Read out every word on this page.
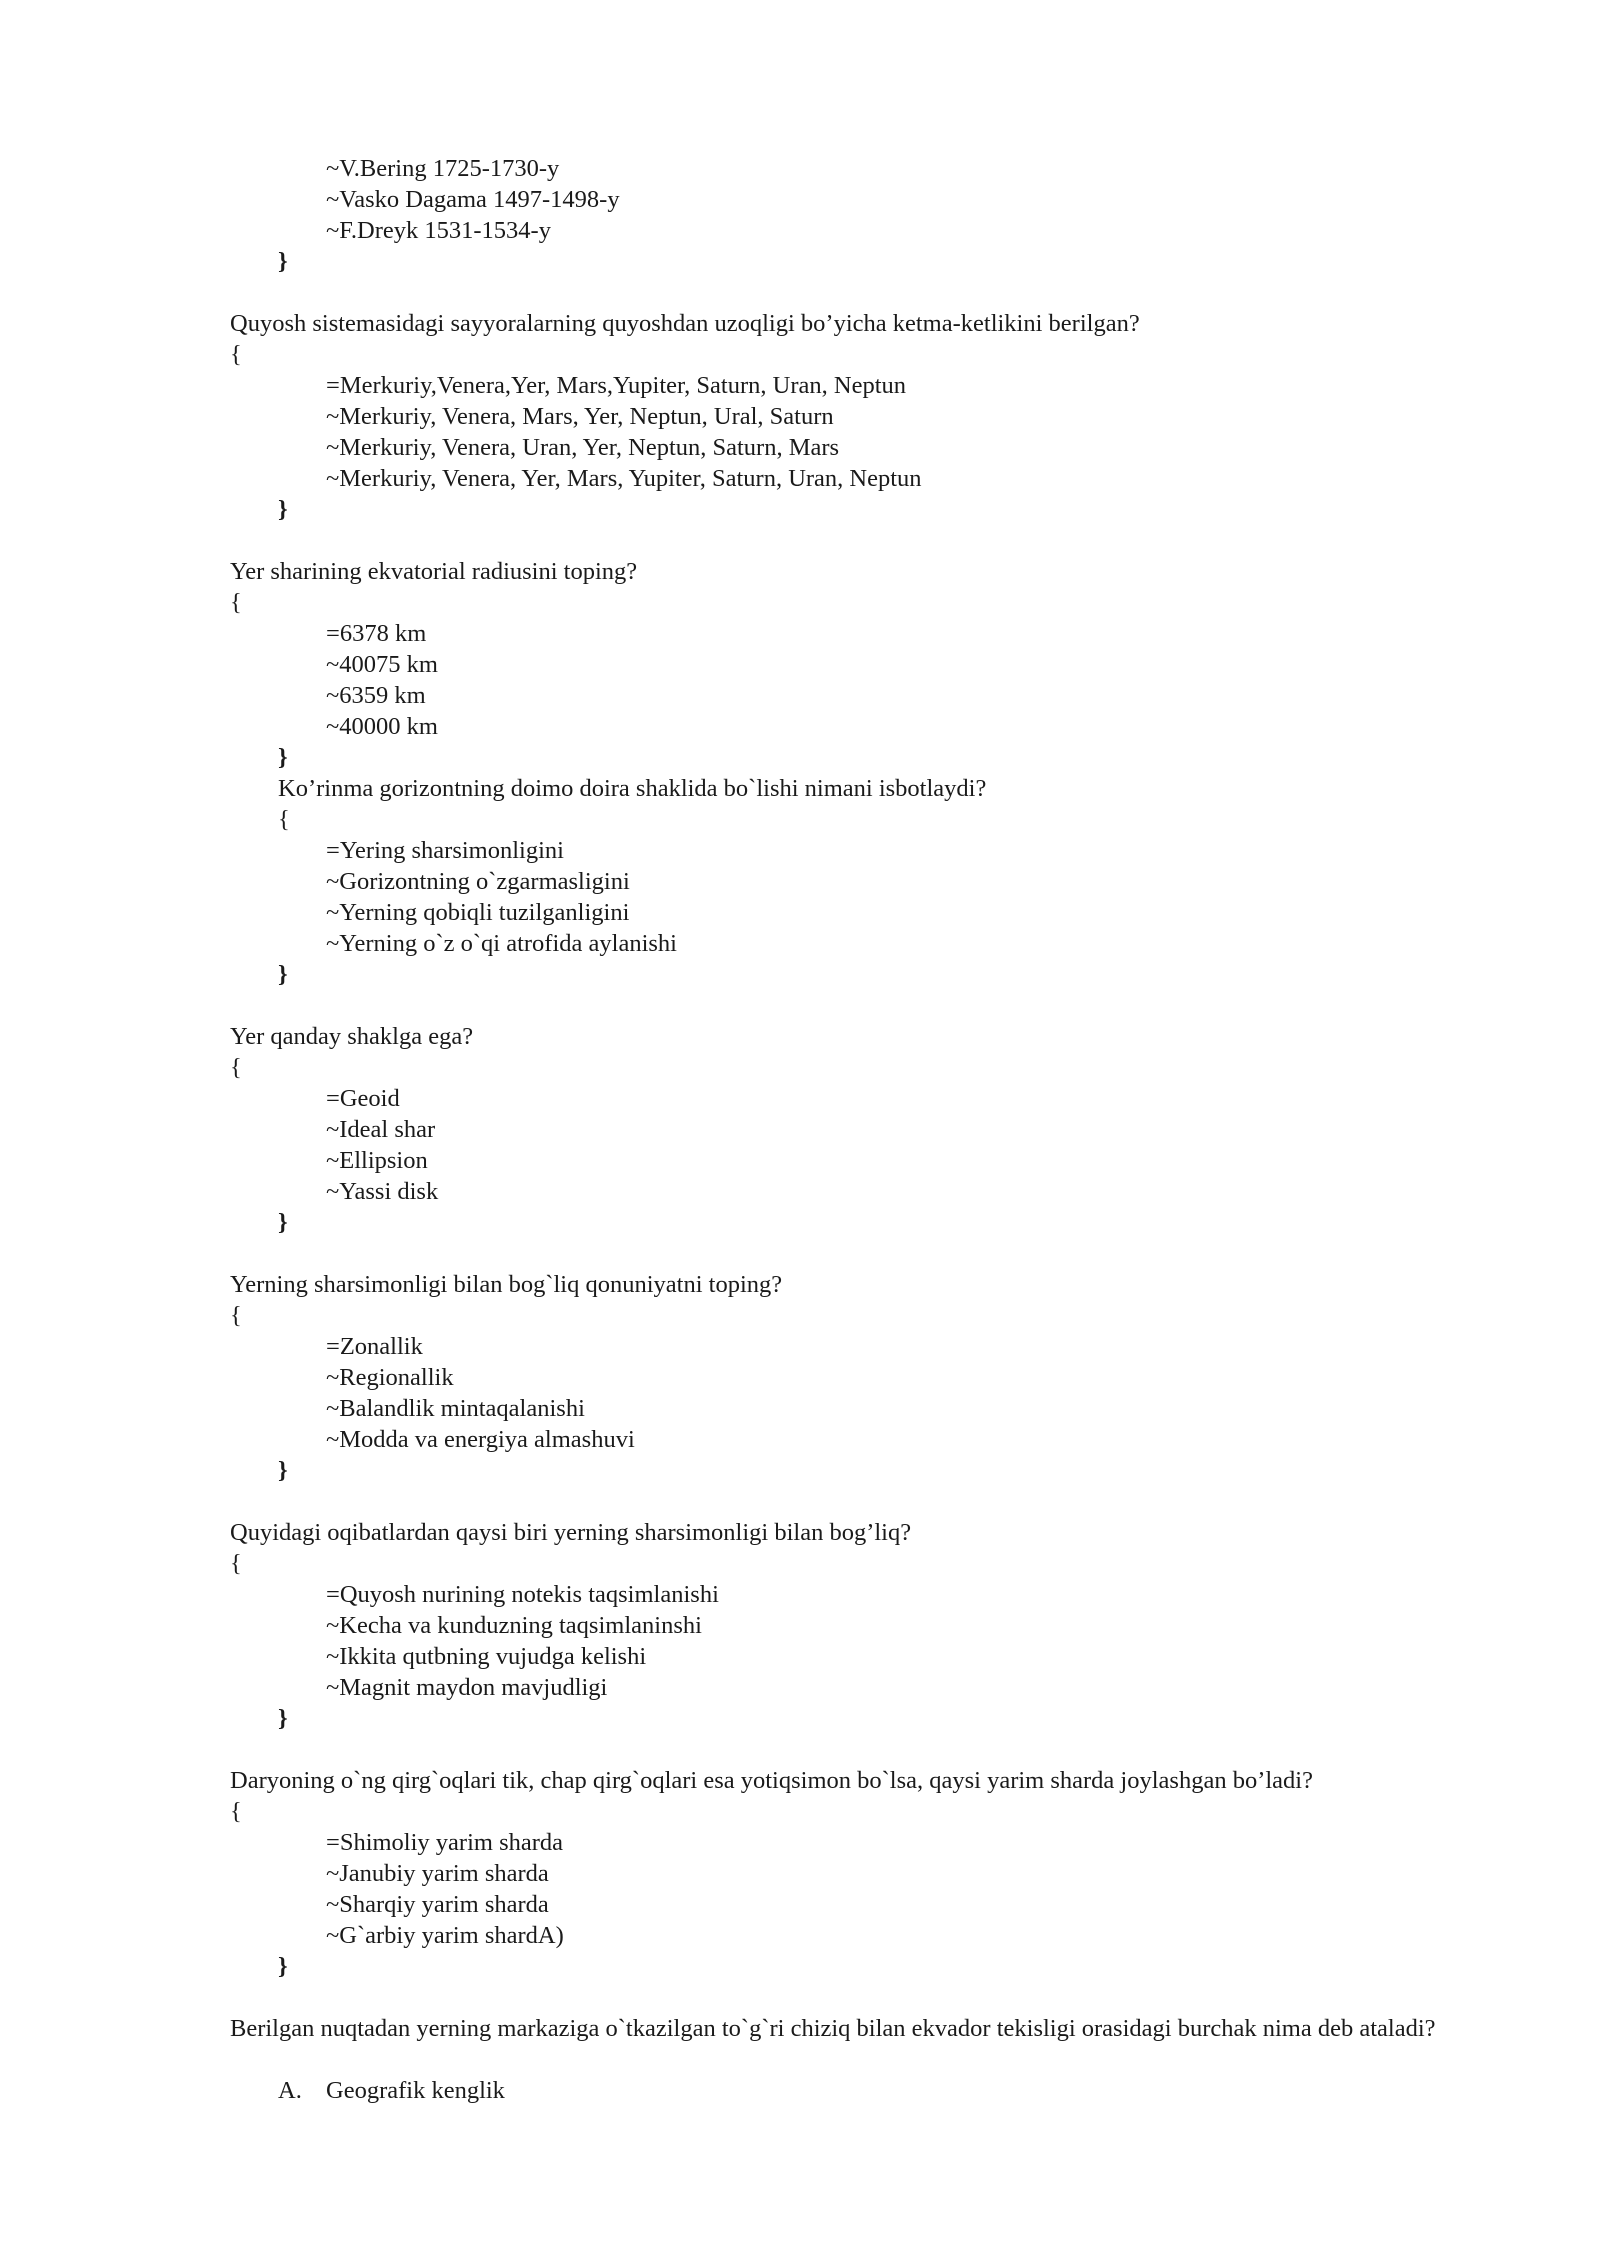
~V.Bering 1725-1730-y
~Vasko Dagama 1497-1498-y
~F.Dreyk 1531-1534-y
}
Quyosh sistemasidagi sayyoralarning quyoshdan uzoqligi bo’yicha ketma-ketlikini berilgan?
{
=Merkuriy,Venera,Yer, Mars,Yupiter, Saturn, Uran, Neptun
~Merkuriy, Venera, Mars, Yer, Neptun, Ural, Saturn
~Merkuriy, Venera, Uran, Yer, Neptun, Saturn, Mars
~Merkuriy, Venera, Yer, Mars, Yupiter, Saturn, Uran, Neptun
}
Yer sharining ekvatorial radiusini toping?
{
=6378 km
~40075 km
~6359 km
~40000 km
}
Ko’rinma gorizontning doimo doira shaklida bo`lishi nimani isbotlaydi?
{
=Yering sharsimonligini
~Gorizontning o`zgarmasligini
~Yerning qobiqli tuzilganligini
~Yerning o`z o`qi atrofida aylanishi
}
Yer qanday shaklga ega?
{
=Geoid
~Ideal shar
~Ellipsion
~Yassi disk
}
Yerning sharsimonligi bilan bog`liq qonuniyatni toping?
{
=Zonallik
~Regionallik
~Balandlik mintaqalanishi
~Modda va energiya almashuvi
}
Quyidagi oqibatlardan qaysi biri yerning sharsimonligi bilan bog’liq?
{
=Quyosh nurining notekis taqsimlanishi
~Kecha va kunduzning taqsimlaninshi
~Ikkita qutbning vujudga kelishi
~Magnit maydon mavjudligi
}
Daryoning o`ng qirg`oqlari tik, chap qirg`oqlari esa yotiqsimon bo`lsa, qaysi yarim sharda joylashgan bo’ladi?
{
=Shimoliy yarim sharda
~Janubiy yarim sharda
~Sharqiy yarim sharda
~G`arbiy yarim shardA)
}
Berilgan nuqtadan yerning markaziga o`tkazilgan to`g`ri chiziq bilan ekvador tekisligi orasidagi burchak nima deb ataladi?
A. Geografik kenglik
